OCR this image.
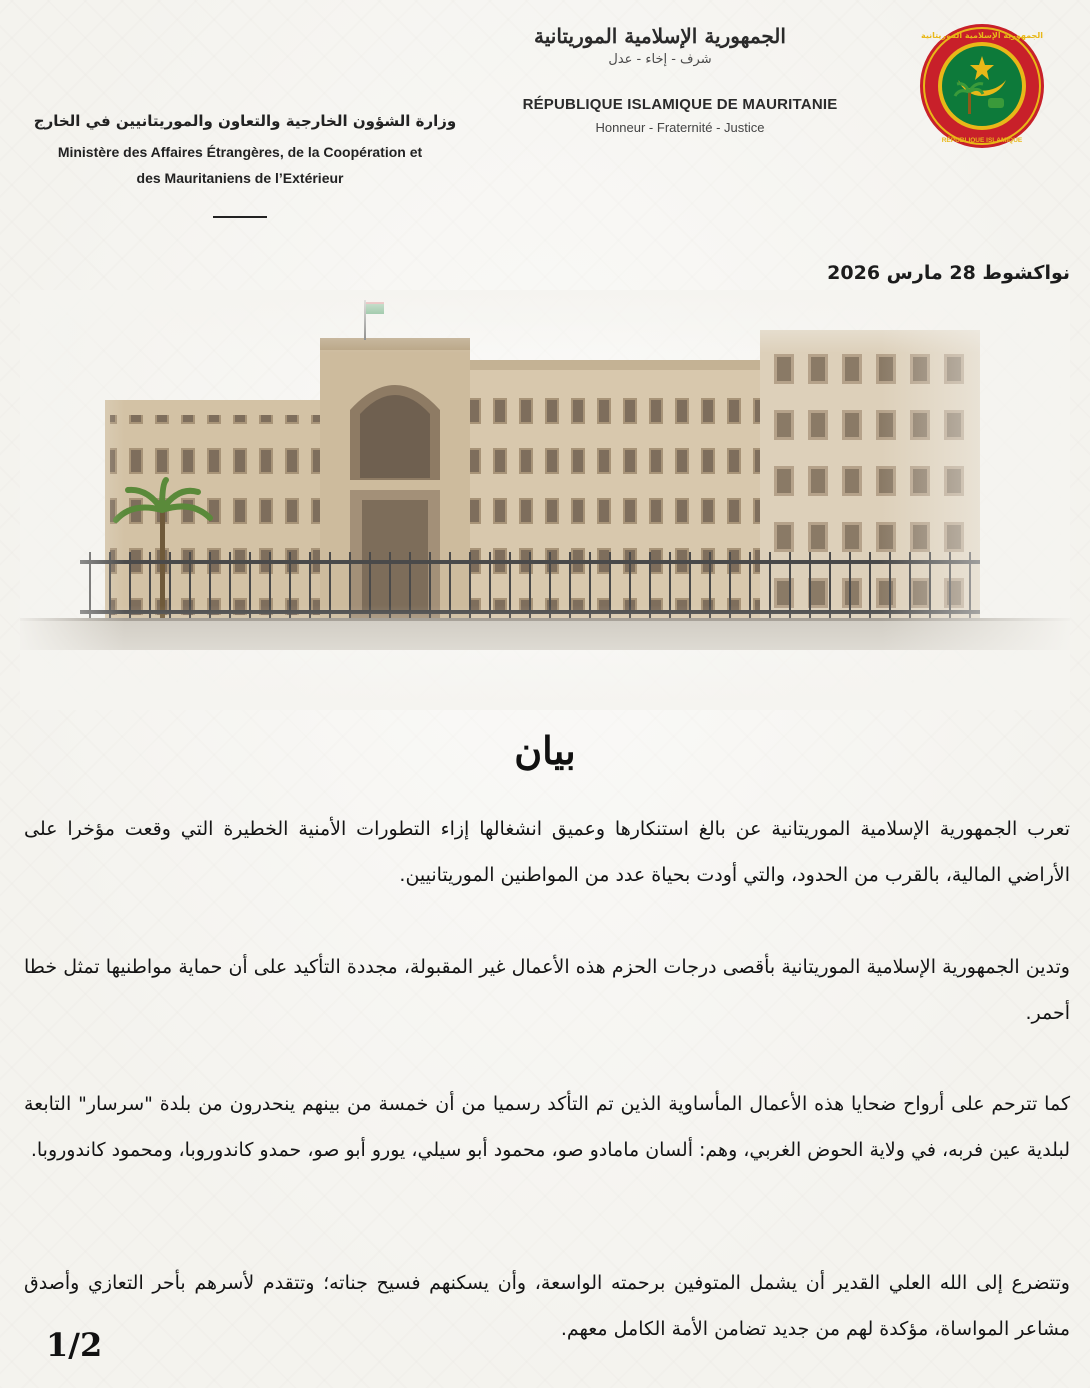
الجمهورية الإسلامية الموريتانية
RÉPUBLIQUE ISLAMIQUE
الجمهورية الإسلامية الموريتانية
شرف - إخاء - عدل
RÉPUBLIQUE ISLAMIQUE DE MAURITANIE
Honneur - Fraternité - Justice
وزارة الشؤون الخارجية والتعاون والموريتانيين في الخارج
Ministère des Affaires Étrangères, de la Coopération et
des Mauritaniens de l’Extérieur
نواكشوط 28 مارس 2026
بيان
تعرب الجمهورية الإسلامية الموريتانية عن بالغ استنكارها وعميق انشغالها إزاء التطورات الأمنية الخطيرة التي وقعت مؤخرا على الأراضي المالية، بالقرب من الحدود، والتي أودت بحياة عدد من المواطنين الموريتانيين.
وتدين الجمهورية الإسلامية الموريتانية بأقصى درجات الحزم هذه الأعمال غير المقبولة، مجددة التأكيد على أن حماية مواطنيها تمثل خطا أحمر.
كما تترحم على أرواح ضحايا هذه الأعمال المأساوية الذين تم التأكد رسميا من أن خمسة من بينهم ينحدرون من بلدة "سرسار" التابعة لبلدية عين فربه، في ولاية الحوض الغربي، وهم: ألسان مامادو صو، محمود أبو سيلي، يورو أبو صو، حمدو كاندوروبا، ومحمود كاندوروبا.
وتتضرع إلى الله العلي القدير أن يشمل المتوفين برحمته الواسعة، وأن يسكنهم فسيح جناته؛ وتتقدم لأسرهم بأحر التعازي وأصدق مشاعر المواساة، مؤكدة لهم من جديد تضامن الأمة الكامل معهم.
1/2
